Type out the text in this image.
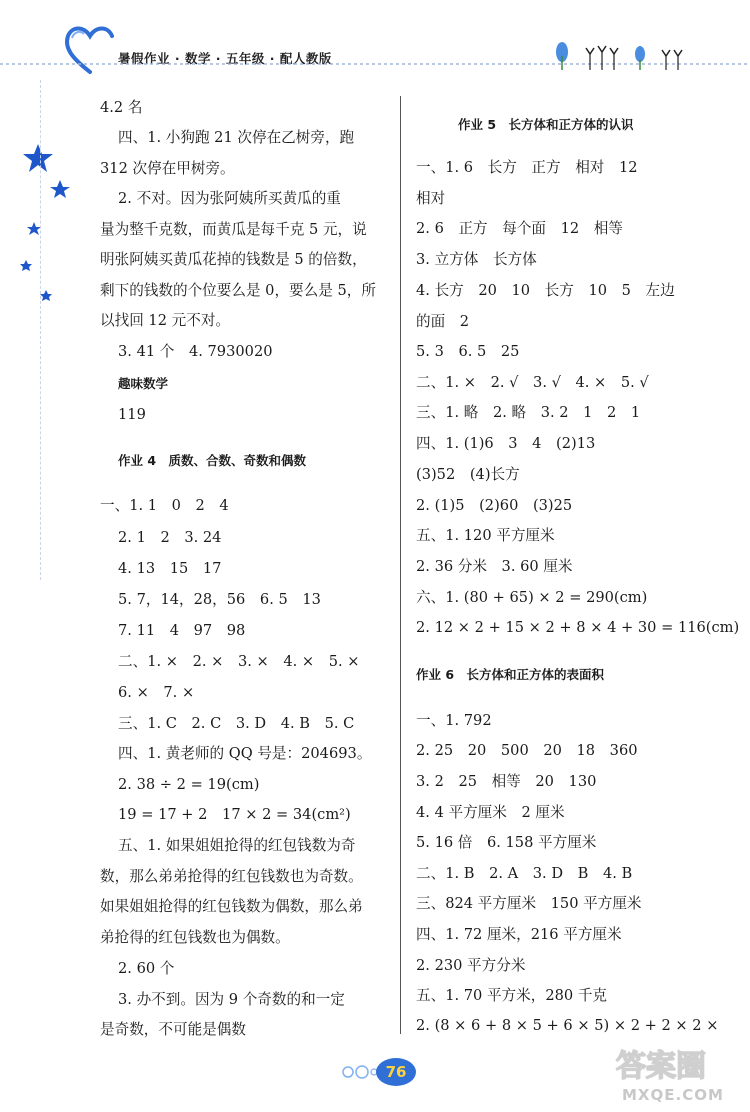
暑假作业 · 数学 · 五年级 · 配人教版
4.2 名
四、1. 小狗跑 21 次停在乙树旁，跑
312 次停在甲树旁。
2. 不对。因为张阿姨所买黄瓜的重
量为整千克数，而黄瓜是每千克 5 元，说
明张阿姨买黄瓜花掉的钱数是 5 的倍数，
剩下的钱数的个位要么是 0，要么是 5，所
以找回 12 元不对。
3. 41 个　4. 7930020
趣味数学
119
作业 4　质数、合数、奇数和偶数
一、1. 1　0　2　4
2. 1　2　3. 24
4. 13　15　17
5. 7，14，28，56　6. 5　13
7. 11　4　97　98
二、1. ×　2. ×　3. ×　4. ×　5. ×
6. ×　7. ×
三、1. C　2. C　3. D　4. B　5. C
四、1. 黄老师的 QQ 号是：204693。
2. 38 ÷ 2 = 19(cm)
19 = 17 + 2　17 × 2 = 34(cm²)
五、1. 如果姐姐抢得的红包钱数为奇
数，那么弟弟抢得的红包钱数也为奇数。
如果姐姐抢得的红包钱数为偶数，那么弟
弟抢得的红包钱数也为偶数。
2. 60 个
3. 办不到。因为 9 个奇数的和一定
是奇数，不可能是偶数
作业 5　长方体和正方体的认识
一、1. 6　长方　正方　相对　12
相对
2. 6　正方　每个面　12　相等
3. 立方体　长方体
4. 长方　20　10　长方　10　5　左边
的面　2
5. 3　6. 5　25
二、1. ×　2. √　3. √　4. ×　5. √
三、1. 略　2. 略　3. 2　1　2　1
四、1. (1)6　3　4　(2)13
(3)52　(4)长方
2. (1)5　(2)60　(3)25
五、1. 120 平方厘米
2. 36 分米　3. 60 厘米
六、1. (80 + 65) × 2 = 290(cm)
2. 12 × 2 + 15 × 2 + 8 × 4 + 30 = 116(cm)
作业 6　长方体和正方体的表面积
一、1. 792
2. 25　20　500　20　18　360
3. 2　25　相等　20　130
4. 4 平方厘米　2 厘米
5. 16 倍　6. 158 平方厘米
二、1. B　2. A　3. D　B　4. B
三、824 平方厘米　150 平方厘米
四、1. 72 厘米，216 平方厘米
2. 230 平方分米
五、1. 70 平方米，280 千克
2. (8 × 6 + 8 × 5 + 6 × 5) × 2 + 2 × 2 ×
76	答案圈
MXQE.COM
